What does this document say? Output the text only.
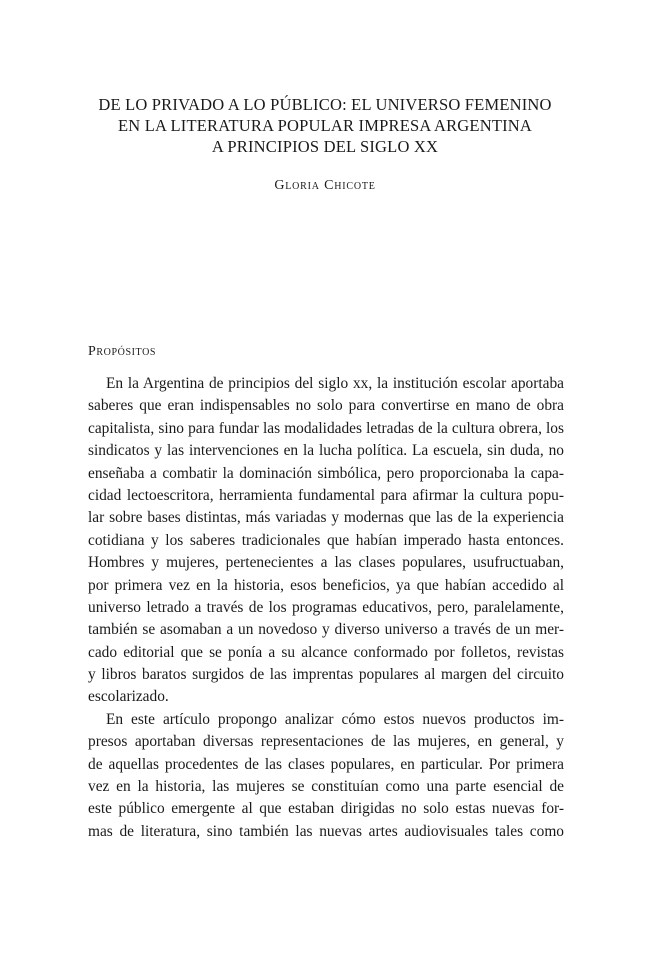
DE LO PRIVADO A LO PÚBLICO: EL UNIVERSO FEMENINO
EN LA LITERATURA POPULAR IMPRESA ARGENTINA
A PRINCIPIOS DEL SIGLO XX
Gloria Chicote
Propósitos
En la Argentina de principios del siglo xx, la institución escolar aportaba
saberes que eran indispensables no solo para convertirse en mano de obra
capitalista, sino para fundar las modalidades letradas de la cultura obrera, los
sindicatos y las intervenciones en la lucha política. La escuela, sin duda, no
enseñaba a combatir la dominación simbólica, pero proporcionaba la capa-
cidad lectoescritora, herramienta fundamental para afirmar la cultura popu-
lar sobre bases distintas, más variadas y modernas que las de la experiencia
cotidiana y los saberes tradicionales que habían imperado hasta entonces.
Hombres y mujeres, pertenecientes a las clases populares, usufructuaban,
por primera vez en la historia, esos beneficios, ya que habían accedido al
universo letrado a través de los programas educativos, pero, paralelamente,
también se asomaban a un novedoso y diverso universo a través de un mer-
cado editorial que se ponía a su alcance conformado por folletos, revistas
y libros baratos surgidos de las imprentas populares al margen del circuito
escolarizado.
En este artículo propongo analizar cómo estos nuevos productos im-
presos aportaban diversas representaciones de las mujeres, en general, y
de aquellas procedentes de las clases populares, en particular. Por primera
vez en la historia, las mujeres se constituían como una parte esencial de
este público emergente al que estaban dirigidas no solo estas nuevas for-
mas de literatura, sino también las nuevas artes audiovisuales tales como
